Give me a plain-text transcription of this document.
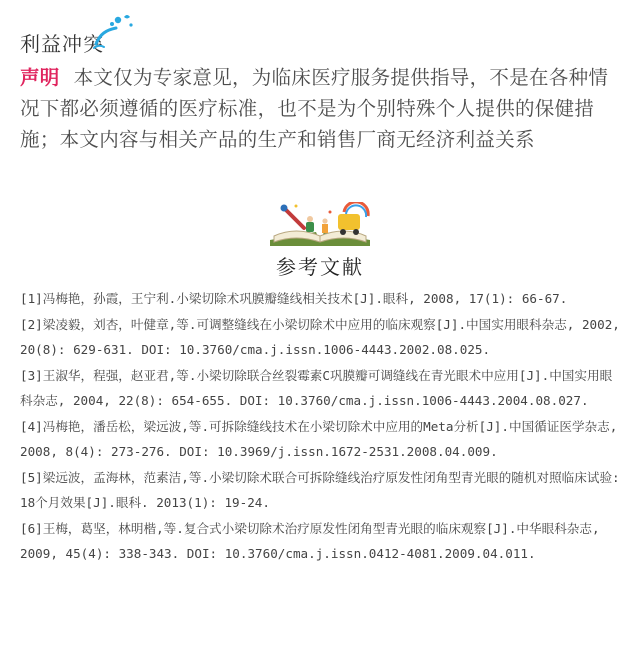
利益冲突
声明 本文仅为专家意见，为临床医疗服务提供指导，不是在各种情况下都必须遵循的医疗标准，也不是为个别特殊个人提供的保健措施；本文内容与相关产品的生产和销售厂商无经济利益关系
参考文献

[1]冯梅艳，孙霞，王宁利.小梁切除术巩膜瓣缝线相关技术[J].眼科, 2008, 17(1): 66-67.

[2]梁凌毅，刘杏，叶健章,等.可调整缝线在小梁切除术中应用的临床观察[J].中国实用眼科杂志, 2002, 20(8): 629-631. DOI: 10.3760/cma.j.issn.1006-4443.2002.08.025.

[3]王淑华，程强，赵亚君,等.小梁切除联合丝裂霉素C巩膜瓣可调缝线在青光眼术中应用[J].中国实用眼科杂志, 2004, 22(8): 654-655. DOI: 10.3760/cma.j.issn.1006-4443.2004.08.027.

[4]冯梅艳，潘岳松，梁远波,等.可拆除缝线技术在小梁切除术中应用的Meta分析[J].中国循证医学杂志, 2008, 8(4): 273-276. DOI: 10.3969/j.issn.1672-2531.2008.04.009.

[5]梁远波，孟海林，范素洁,等.小梁切除术联合可拆除缝线治疗原发性闭角型青光眼的随机对照临床试验: 18个月效果[J].眼科. 2013(1): 19-24.

[6]王梅，葛坚，林明楷,等.复合式小梁切除术治疗原发性闭角型青光眼的临床观察[J].中华眼科杂志, 2009, 45(4): 338-343. DOI: 10.3760/cma.j.issn.0412-4081.2009.04.011.
